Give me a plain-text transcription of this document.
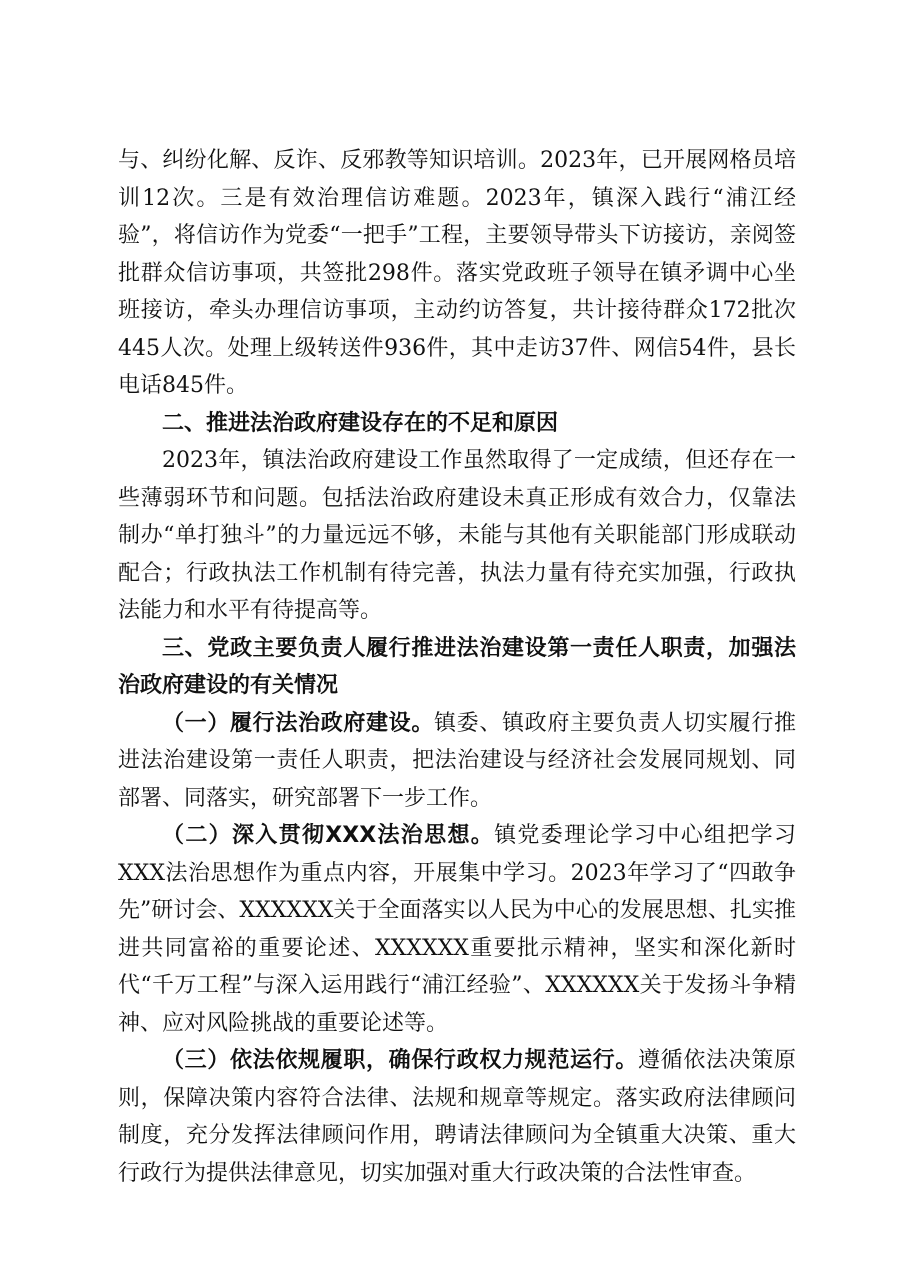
与、纠纷化解、反诈、反邪教等知识培训。2023年，已开展网格员培训12次。三是有效治理信访难题。2023年，镇深入践行“浦江经验”，将信访作为党委“一把手”工程，主要领导带头下访接访，亲阅签批群众信访事项，共签批298件。落实党政班子领导在镇矛调中心坐班接访，牵头办理信访事项，主动约访答复，共计接待群众172批次445人次。处理上级转送件936件，其中走访37件、网信54件，县长电话845件。

二、推进法治政府建设存在的不足和原因

2023年，镇法治政府建设工作虽然取得了一定成绩，但还存在一些薄弱环节和问题。包括法治政府建设未真正形成有效合力，仅靠法制办“单打独斗”的力量远远不够，未能与其他有关职能部门形成联动配合；行政执法工作机制有待完善，执法力量有待充实加强，行政执法能力和水平有待提高等。

三、党政主要负责人履行推进法治建设第一责任人职责，加强法治政府建设的有关情况

（一）履行法治政府建设。镇委、镇政府主要负责人切实履行推进法治建设第一责任人职责，把法治建设与经济社会发展同规划、同部署、同落实，研究部署下一步工作。

（二）深入贯彻XXX法治思想。镇党委理论学习中心组把学习XXX法治思想作为重点内容，开展集中学习。2023年学习了“四敢争先”研讨会、XXXXXX关于全面落实以人民为中心的发展思想、扎实推进共同富裕的重要论述、XXXXXX重要批示精神，坚实和深化新时代“千万工程”与深入运用践行“浦江经验”、XXXXXX关于发扬斗争精神、应对风险挑战的重要论述等。

（三）依法依规履职，确保行政权力规范运行。遵循依法决策原则，保障决策内容符合法律、法规和规章等规定。落实政府法律顾问制度，充分发挥法律顾问作用，聘请法律顾问为全镇重大决策、重大行政行为提供法律意见，切实加强对重大行政决策的合法性审查。
